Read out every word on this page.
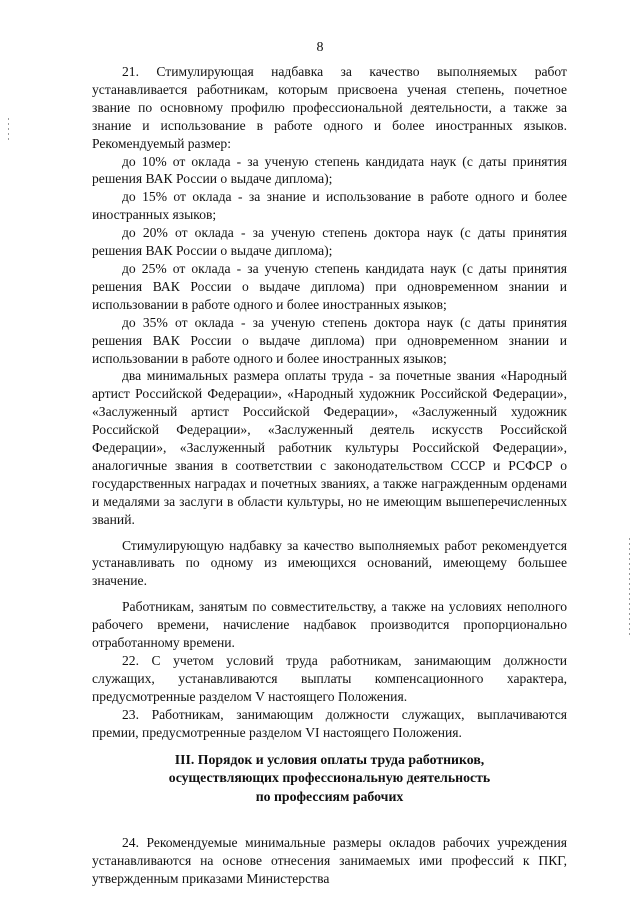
8

21. Стимулирующая надбавка за качество выполняемых работ устанавливается работникам, которым присвоена ученая степень, почетное звание по основному профилю профессиональной деятельности, а также за знание и использование в работе одного и более иностранных языков. Рекомендуемый размер:

до 10% от оклада - за ученую степень кандидата наук (с даты принятия решения ВАК России о выдаче диплома);

до 15% от оклада - за знание и использование в работе одного и более иностранных языков;

до 20% от оклада - за ученую степень доктора наук (с даты принятия решения ВАК России о выдаче диплома);

до 25% от оклада - за ученую степень кандидата наук (с даты принятия решения ВАК России о выдаче диплома) при одновременном знании и использовании в работе одного и более иностранных языков;

до 35% от оклада - за ученую степень доктора наук (с даты принятия решения ВАК России о выдаче диплома) при одновременном знании и использовании в работе одного и более иностранных языков;

два минимальных размера оплаты труда - за почетные звания «Народный артист Российской Федерации», «Народный художник Российской Федерации», «Заслуженный артист Российской Федерации», «Заслуженный художник Российской Федерации», «Заслуженный деятель искусств Российской Федерации», «Заслуженный работник культуры Российской Федерации», аналогичные звания в соответствии с законодательством СССР и РСФСР о государственных наградах и почетных званиях, а также награжденным орденами и медалями за заслуги в области культуры, но не имеющим вышеперечисленных званий.

Стимулирующую надбавку за качество выполняемых работ рекомендуется устанавливать по одному из имеющихся оснований, имеющему большее значение.

Работникам, занятым по совместительству, а также на условиях неполного рабочего времени, начисление надбавок производится пропорционально отработанному времени.

22. С учетом условий труда работникам, занимающим должности служащих, устанавливаются выплаты компенсационного характера, предусмотренные разделом V настоящего Положения.

23. Работникам, занимающим должности служащих, выплачиваются премии, предусмотренные разделом VI настоящего Положения.

III. Порядок и условия оплаты труда работников,
осуществляющих профессиональную деятельность
по профессиям рабочих

24. Рекомендуемые минимальные размеры окладов рабочих учреждения устанавливаются на основе отнесения занимаемых ими профессий к ПКГ, утвержденным приказами Министерства
